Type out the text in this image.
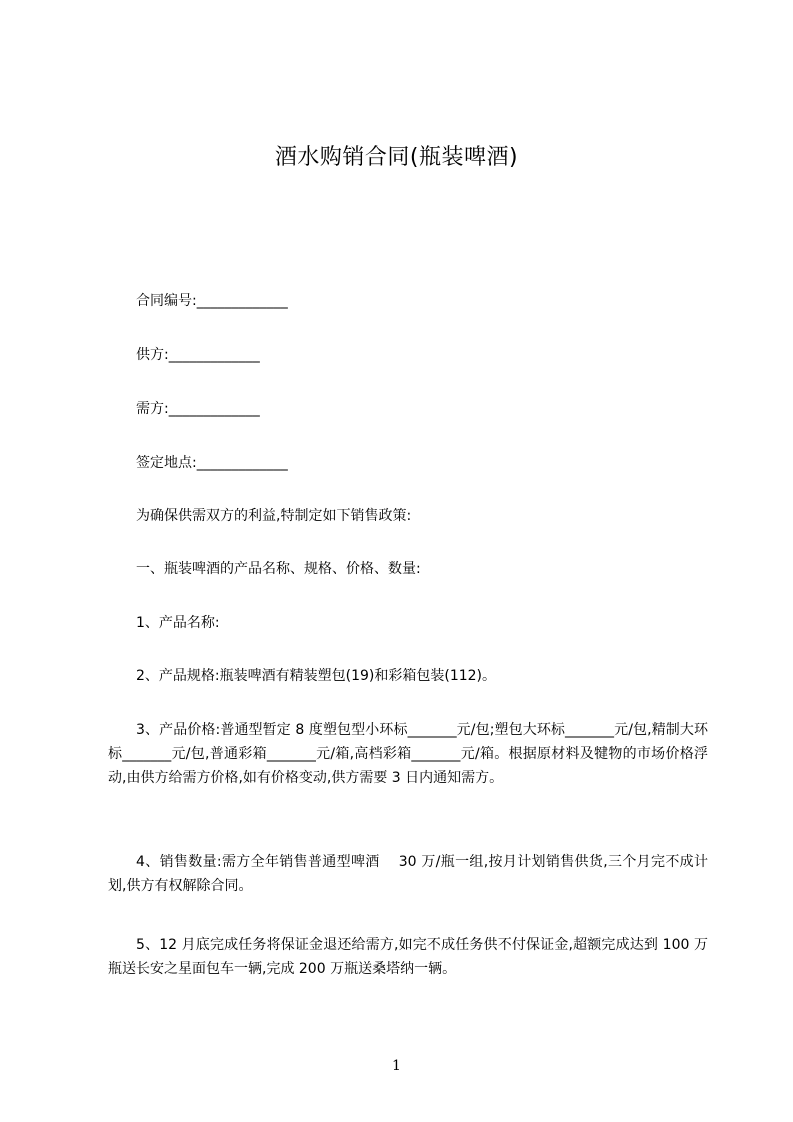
酒水购销合同(瓶装啤酒)
合同编号:_____________
供方:_____________
需方:_____________
签定地点:_____________
为确保供需双方的利益,特制定如下销售政策:
一、瓶装啤酒的产品名称、规格、价格、数量:
1、产品名称:
2、产品规格:瓶装啤酒有精装塑包(19)和彩箱包装(112)。
3、产品价格:普通型暂定 8 度塑包型小环标_______元/包;塑包大环标_______元/包,精制大环标_______元/包,普通彩箱_______元/箱,高档彩箱_______元/箱。根据原材料及犍物的市场价格浮动,由供方给需方价格,如有价格变动,供方需要 3 日内通知需方。
4、销售数量:需方全年销售普通型啤酒　 30 万/瓶一组,按月计划销售供货,三个月完不成计划,供方有权解除合同。
5、12 月底完成任务将保证金退还给需方,如完不成任务供不付保证金,超额完成达到 100 万瓶送长安之星面包车一辆,完成 200 万瓶送桑塔纳一辆。
1
